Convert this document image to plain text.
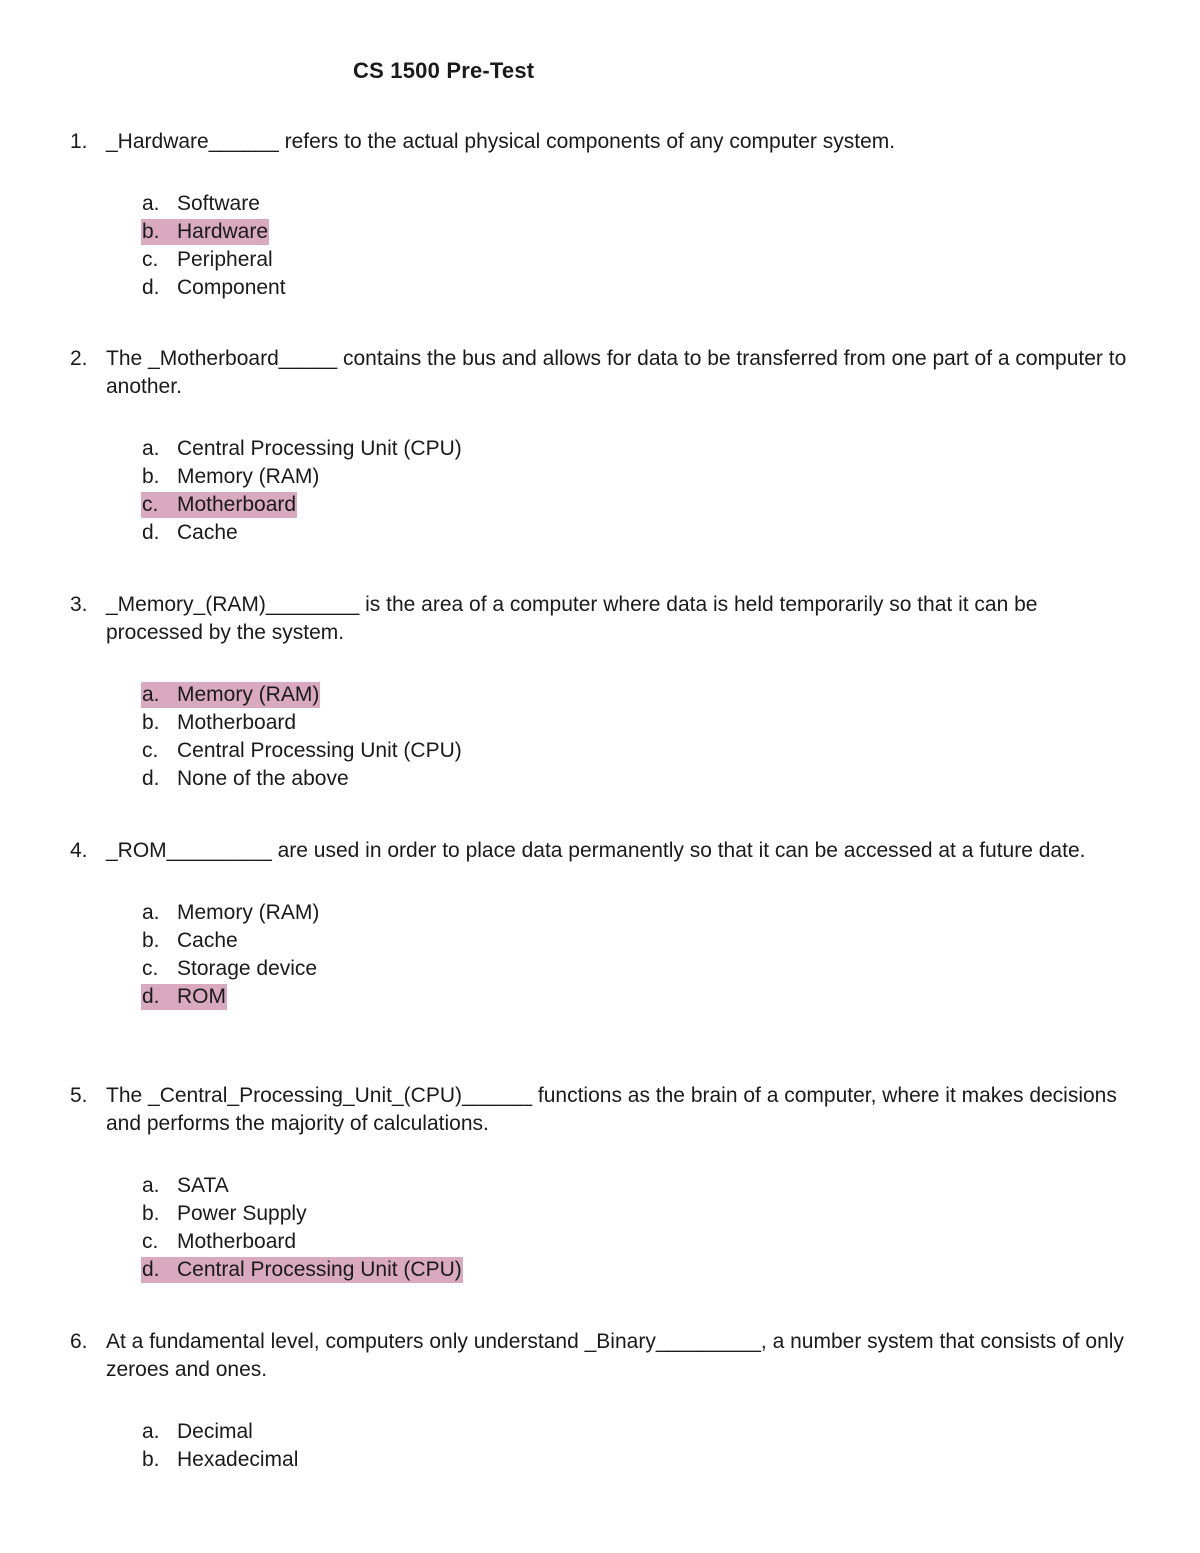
CS 1500 Pre-Test
1. _Hardware______ refers to the actual physical components of any computer system.
a. Software
b. Hardware
c. Peripheral
d. Component
2. The _Motherboard_____ contains the bus and allows for data to be transferred from one part of a computer to another.
a. Central Processing Unit (CPU)
b. Memory (RAM)
c. Motherboard
d. Cache
3. _Memory_(RAM)________ is the area of a computer where data is held temporarily so that it can be processed by the system.
a. Memory (RAM)
b. Motherboard
c. Central Processing Unit (CPU)
d. None of the above
4. _ROM_________ are used in order to place data permanently so that it can be accessed at a future date.
a. Memory (RAM)
b. Cache
c. Storage device
d. ROM
5. The _Central_Processing_Unit_(CPU)______ functions as the brain of a computer, where it makes decisions and performs the majority of calculations.
a. SATA
b. Power Supply
c. Motherboard
d. Central Processing Unit (CPU)
6. At a fundamental level, computers only understand _Binary_________, a number system that consists of only zeroes and ones.
a. Decimal
b. Hexadecimal
